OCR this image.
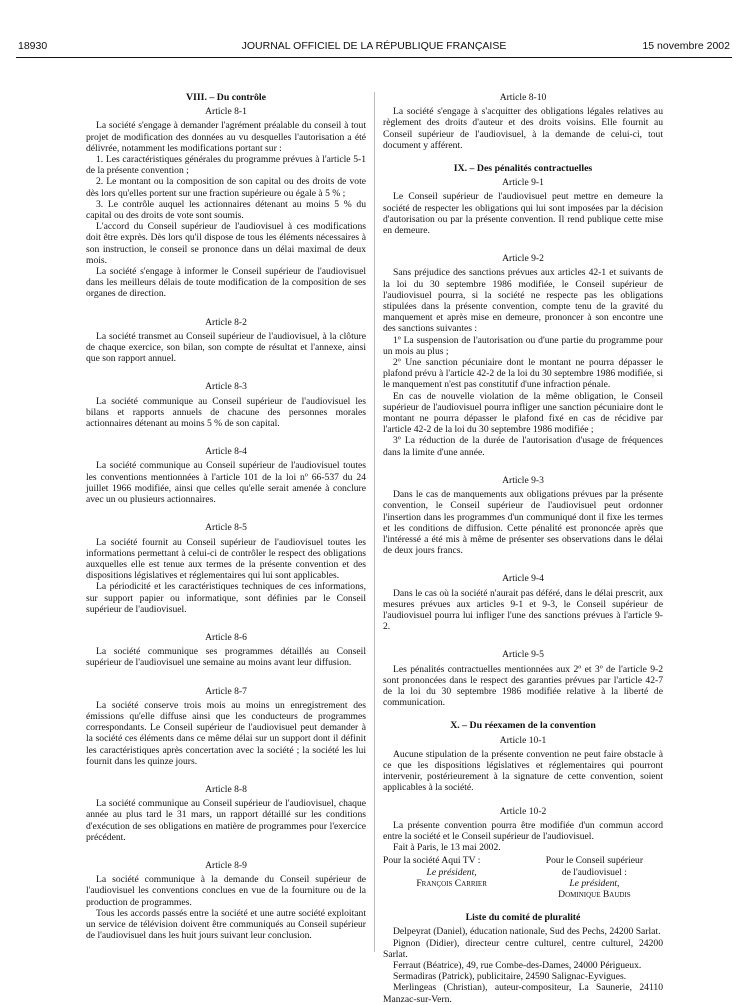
18930	JOURNAL OFFICIEL DE LA RÉPUBLIQUE FRANÇAISE	15 novembre 2002
VIII. – Du contrôle
Article 8-1

La société s'engage à demander l'agrément préalable du conseil à tout projet de modification des données au vu desquelles l'autorisation a été délivrée, notamment les modifications portant sur :

1. Les caractéristiques générales du programme prévues à l'article 5-1 de la présente convention ;

2. Le montant ou la composition de son capital ou des droits de vote dès lors qu'elles portent sur une fraction supérieure ou égale à 5 % ;

3. Le contrôle auquel les actionnaires détenant au moins 5 % du capital ou des droits de vote sont soumis.

L'accord du Conseil supérieur de l'audiovisuel à ces modifications doit être exprès. Dès lors qu'il dispose de tous les éléments nécessaires à son instruction, le conseil se prononce dans un délai maximal de deux mois.

La société s'engage à informer le Conseil supérieur de l'audiovisuel dans les meilleurs délais de toute modification de la composition de ses organes de direction.

Article 8-2

La société transmet au Conseil supérieur de l'audiovisuel, à la clôture de chaque exercice, son bilan, son compte de résultat et l'annexe, ainsi que son rapport annuel.

Article 8-3

La société communique au Conseil supérieur de l'audiovisuel les bilans et rapports annuels de chacune des personnes morales actionnaires détenant au moins 5 % de son capital.

Article 8-4

La société communique au Conseil supérieur de l'audiovisuel toutes les conventions mentionnées à l'article 101 de la loi nº 66-537 du 24 juillet 1966 modifiée, ainsi que celles qu'elle serait amenée à conclure avec un ou plusieurs actionnaires.

Article 8-5

La société fournit au Conseil supérieur de l'audiovisuel toutes les informations permettant à celui-ci de contrôler le respect des obligations auxquelles elle est tenue aux termes de la présente convention et des dispositions législatives et réglementaires qui lui sont applicables.

La périodicité et les caractéristiques techniques de ces informations, sur support papier ou informatique, sont définies par le Conseil supérieur de l'audiovisuel.

Article 8-6

La société communique ses programmes détaillés au Conseil supérieur de l'audiovisuel une semaine au moins avant leur diffusion.

Article 8-7

La société conserve trois mois au moins un enregistrement des émissions qu'elle diffuse ainsi que les conducteurs de programmes correspondants. Le Conseil supérieur de l'audiovisuel peut demander à la société ces éléments dans ce même délai sur un support dont il définit les caractéristiques après concertation avec la société ; la société les lui fournit dans les quinze jours.

Article 8-8

La société communique au Conseil supérieur de l'audiovisuel, chaque année au plus tard le 31 mars, un rapport détaillé sur les conditions d'exécution de ses obligations en matière de programmes pour l'exercice précédent.

Article 8-9

La société communique à la demande du Conseil supérieur de l'audiovisuel les conventions conclues en vue de la fourniture ou de la production de programmes.

Tous les accords passés entre la société et une autre société exploitant un service de télévision doivent être communiqués au Conseil supérieur de l'audiovisuel dans les huit jours suivant leur conclusion.

Article 8-10

La société s'engage à s'acquitter des obligations légales relatives au règlement des droits d'auteur et des droits voisins. Elle fournit au Conseil supérieur de l'audiovisuel, à la demande de celui-ci, tout document y afférent.

IX. – Des pénalités contractuelles
Article 9-1

Le Conseil supérieur de l'audiovisuel peut mettre en demeure la société de respecter les obligations qui lui sont imposées par la décision d'autorisation ou par la présente convention. Il rend publique cette mise en demeure.

Article 9-2

Sans préjudice des sanctions prévues aux articles 42-1 et suivants de la loi du 30 septembre 1986 modifiée, le Conseil supérieur de l'audiovisuel pourra, si la société ne respecte pas les obligations stipulées dans la présente convention, compte tenu de la gravité du manquement et après mise en demeure, prononcer à son encontre une des sanctions suivantes :

1º La suspension de l'autorisation ou d'une partie du programme pour un mois au plus ;

2º Une sanction pécuniaire dont le montant ne pourra dépasser le plafond prévu à l'article 42-2 de la loi du 30 septembre 1986 modifiée, si le manquement n'est pas constitutif d'une infraction pénale.

En cas de nouvelle violation de la même obligation, le Conseil supérieur de l'audiovisuel pourra infliger une sanction pécuniaire dont le montant ne pourra dépasser le plafond fixé en cas de récidive par l'article 42-2 de la loi du 30 septembre 1986 modifiée ;

3º La réduction de la durée de l'autorisation d'usage de fréquences dans la limite d'une année.

Article 9-3

Dans le cas de manquements aux obligations prévues par la présente convention, le Conseil supérieur de l'audiovisuel peut ordonner l'insertion dans les programmes d'un communiqué dont il fixe les termes et les conditions de diffusion. Cette pénalité est prononcée après que l'intéressé a été mis à même de présenter ses observations dans le délai de deux jours francs.

Article 9-4

Dans le cas où la société n'aurait pas déféré, dans le délai prescrit, aux mesures prévues aux articles 9-1 et 9-3, le Conseil supérieur de l'audiovisuel pourra lui infliger l'une des sanctions prévues à l'article 9-2.

Article 9-5

Les pénalités contractuelles mentionnées aux 2º et 3º de l'article 9-2 sont prononcées dans le respect des garanties prévues par l'article 42-7 de la loi du 30 septembre 1986 modifiée relative à la liberté de communication.

X. – Du réexamen de la convention
Article 10-1

Aucune stipulation de la présente convention ne peut faire obstacle à ce que les dispositions législatives et réglementaires qui pourront intervenir, postérieurement à la signature de cette convention, soient applicables à la société.

Article 10-2

La présente convention pourra être modifiée d'un commun accord entre la société et le Conseil supérieur de l'audiovisuel.

Fait à Paris, le 13 mai 2002.

Pour la société Aqui TV :
Le président,
François Carrier
Pour le Conseil supérieur
de l'audiovisuel :
Le président,
Dominique Baudis
Liste du comité de pluralité

Delpeyrat (Daniel), éducation nationale, Sud des Pechs, 24200 Sarlat.

Pignon (Didier), directeur centre culturel, centre culturel, 24200 Sarlat.

Ferraut (Béatrice), 49, rue Combe-des-Dames, 24000 Périgueux.

Sermadiras (Patrick), publicitaire, 24590 Salignac-Eyvigues.

Merlingeas (Christian), auteur-compositeur, La Saunerie, 24110 Manzac-sur-Vern.
